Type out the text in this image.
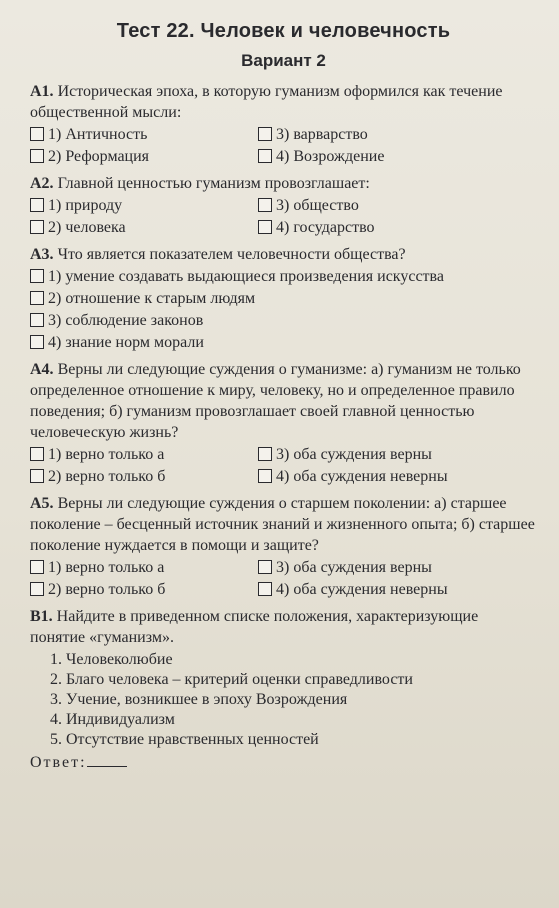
Тест 22. Человек и человечность
Вариант 2

А1. Историческая эпоха, в которую гуманизм оформился как течение общественной мысли:

1) Античность	3) варварство
2) Реформация	4) Возрождение

А2. Главной ценностью гуманизм провозглашает:

1) природу	3) общество
2) человека	4) государство

А3. Что является показателем человечности общества?

1) умение создавать выдающиеся произведения искусства
2) отношение к старым людям
3) соблюдение законов
4) знание норм морали

А4. Верны ли следующие суждения о гуманизме: а) гуманизм не только определенное отношение к миру, человеку, но и определенное правило поведения; б) гуманизм провозглашает своей главной ценностью человеческую жизнь?

1) верно только а	3) оба суждения верны
2) верно только б	4) оба суждения неверны

А5. Верны ли следующие суждения о старшем поколении: а) старшее поколение – бесценный источник знаний и жизненного опыта; б) старшее поколение нуждается в помощи и защите?

1) верно только а	3) оба суждения верны
2) верно только б	4) оба суждения неверны

В1. Найдите в приведенном списке положения, характеризующие понятие «гуманизм».

1. Человеколюбие
2. Благо человека – критерий оценки справедливости
3. Учение, возникшее в эпоху Возрождения
4. Индивидуализм
5. Отсутствие нравственных ценностей
Ответ:
